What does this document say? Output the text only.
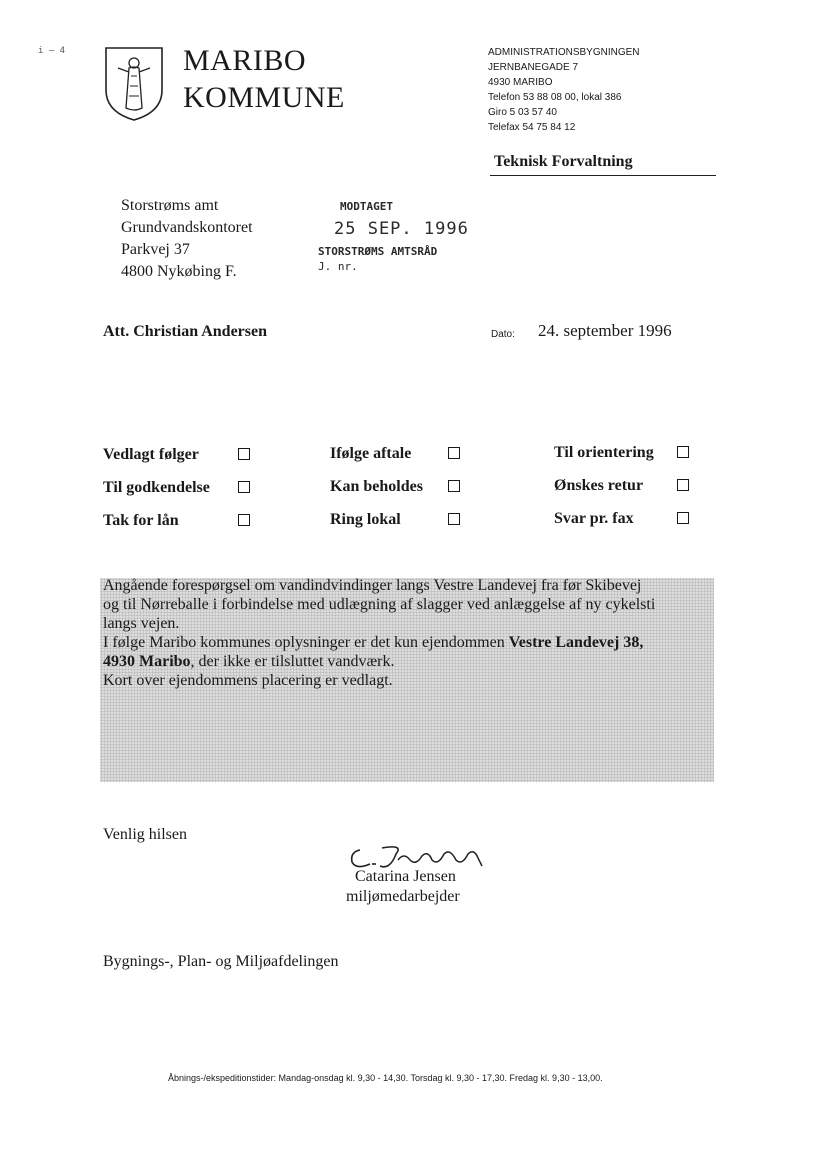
i — 4	MARIBO
KOMMUNE
ADMINISTRATIONSBYGNINGEN
JERNBANEGADE 7
4930 MARIBO
Telefon 53 88 08 00, lokal 386
Giro 5 03 57 40
Telefax 54 75 84 12
Teknisk Forvaltning
Storstrøms amt
Grundvandskontoret
Parkvej 37
4800 Nykøbing F.
MODTAGET
25 SEP. 1996
STORSTRØMS AMTSRÅD
J. nr.
Att. Christian Andersen	Dato: 24. september 1996
Vedlagt følger	Ifølge aftale	Til orientering
Til godkendelse	Kan beholdes	Ønskes retur
Tak for lån	Ring lokal	Svar pr. fax
Angående forespørgsel om vandindvindinger langs Vestre Landevej fra før Skibevej
og til Nørreballe i forbindelse med udlægning af slagger ved anlæggelse af ny cykelsti
langs vejen.
I følge Maribo kommunes oplysninger er det kun ejendommen Vestre Landevej 38,
4930 Maribo, der ikke er tilsluttet vandværk.
Kort over ejendommens placering er vedlagt.
Venlig hilsen
Catarina Jensen
miljømedarbejder
Bygnings-, Plan- og Miljøafdelingen
Åbnings-/ekspeditionstider: Mandag-onsdag kl. 9,30 - 14,30. Torsdag kl. 9,30 - 17,30. Fredag kl. 9,30 - 13,00.
